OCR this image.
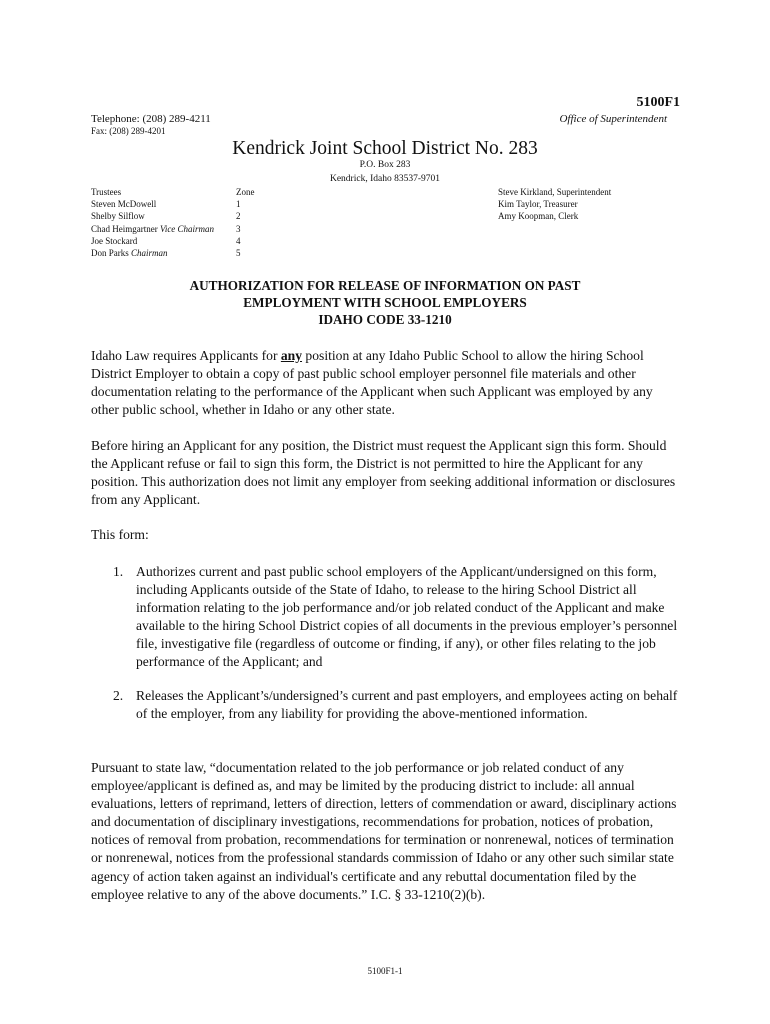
5100F1
Telephone: (208) 289-4211	Office of Superintendent
Fax: (208) 289-4201
Kendrick Joint School District No. 283
P.O. Box 283
Kendrick, Idaho 83537-9701
Trustees
Steven McDowell
Shelby Silflow
Chad Heimgartner Vice Chairman
Joe Stockard
Don Parks Chairman
Zone
1
2
3
4
5
Steve Kirkland, Superintendent
Kim Taylor, Treasurer
Amy Koopman, Clerk
AUTHORIZATION FOR RELEASE OF INFORMATION ON PAST
EMPLOYMENT WITH SCHOOL EMPLOYERS
IDAHO CODE 33-1210

Idaho Law requires Applicants for any position at any Idaho Public School to allow the hiring School District Employer to obtain a copy of past public school employer personnel file materials and other documentation relating to the performance of the Applicant when such Applicant was employed by any other public school, whether in Idaho or any other state.

Before hiring an Applicant for any position, the District must request the Applicant sign this form. Should the Applicant refuse or fail to sign this form, the District is not permitted to hire the Applicant for any position. This authorization does not limit any employer from seeking additional information or disclosures from any Applicant.

This form:

1. Authorizes current and past public school employers of the Applicant/undersigned on this form, including Applicants outside of the State of Idaho, to release to the hiring School District all information relating to the job performance and/or job related conduct of the Applicant and make available to the hiring School District copies of all documents in the previous employer’s personnel file, investigative file (regardless of outcome or finding, if any), or other files relating to the job performance of the Applicant; and
2. Releases the Applicant’s/undersigned’s current and past employers, and employees acting on behalf of the employer, from any liability for providing the above-mentioned information.

Pursuant to state law, “documentation related to the job performance or job related conduct of any employee/applicant is defined as, and may be limited by the producing district to include: all annual evaluations, letters of reprimand, letters of direction, letters of commendation or award, disciplinary actions and documentation of disciplinary investigations, recommendations for probation, notices of probation, notices of removal from probation, recommendations for termination or nonrenewal, notices of termination or nonrenewal, notices from the professional standards commission of Idaho or any other such similar state agency of action taken against an individual's certificate and any rebuttal documentation filed by the employee relative to any of the above documents.” I.C. § 33-1210(2)(b).

5100F1-1
